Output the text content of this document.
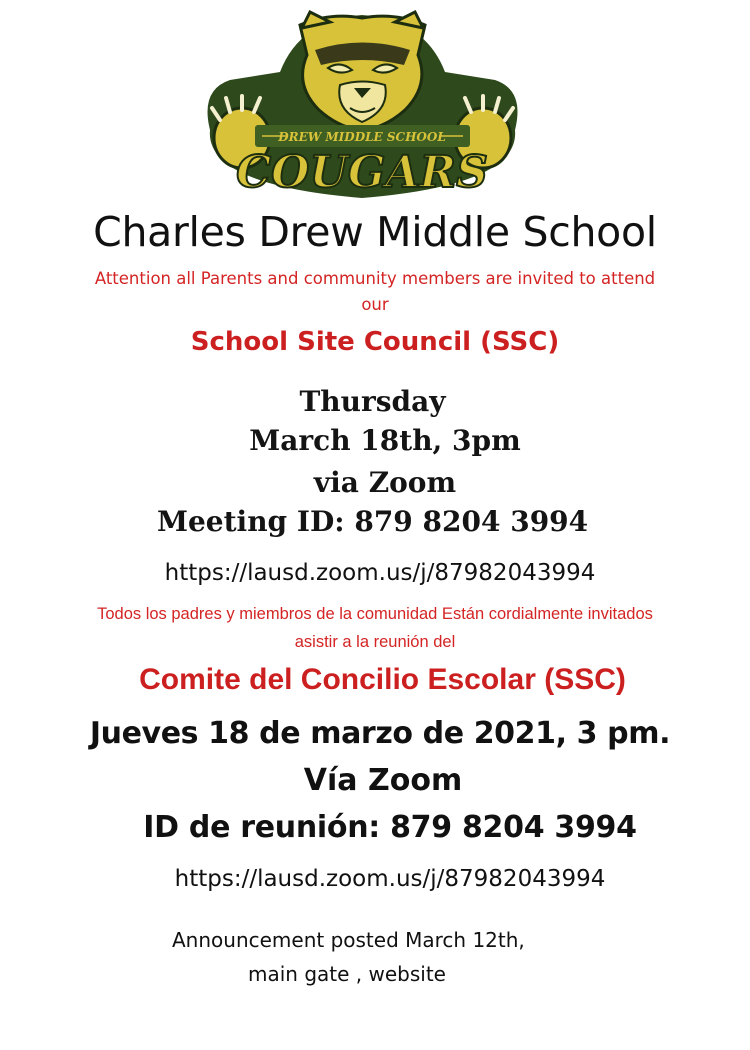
DREW MIDDLE SCHOOL
COUGARS
Charles Drew Middle School
Attention all Parents and community members are invited to attend our
School Site Council (SSC)
Thursday
March 18th, 3pm
via Zoom
Meeting ID: 879 8204 3994
https://lausd.zoom.us/j/87982043994
Todos los padres y miembros de la comunidad Están cordialmente invitados
asistir a la reunión del
Comite del Concilio Escolar (SSC)
Jueves 18 de marzo de 2021, 3 pm.
Vía Zoom
ID de reunión: 879 8204 3994
https://lausd.zoom.us/j/87982043994
Announcement posted March 12th,
main gate , website
